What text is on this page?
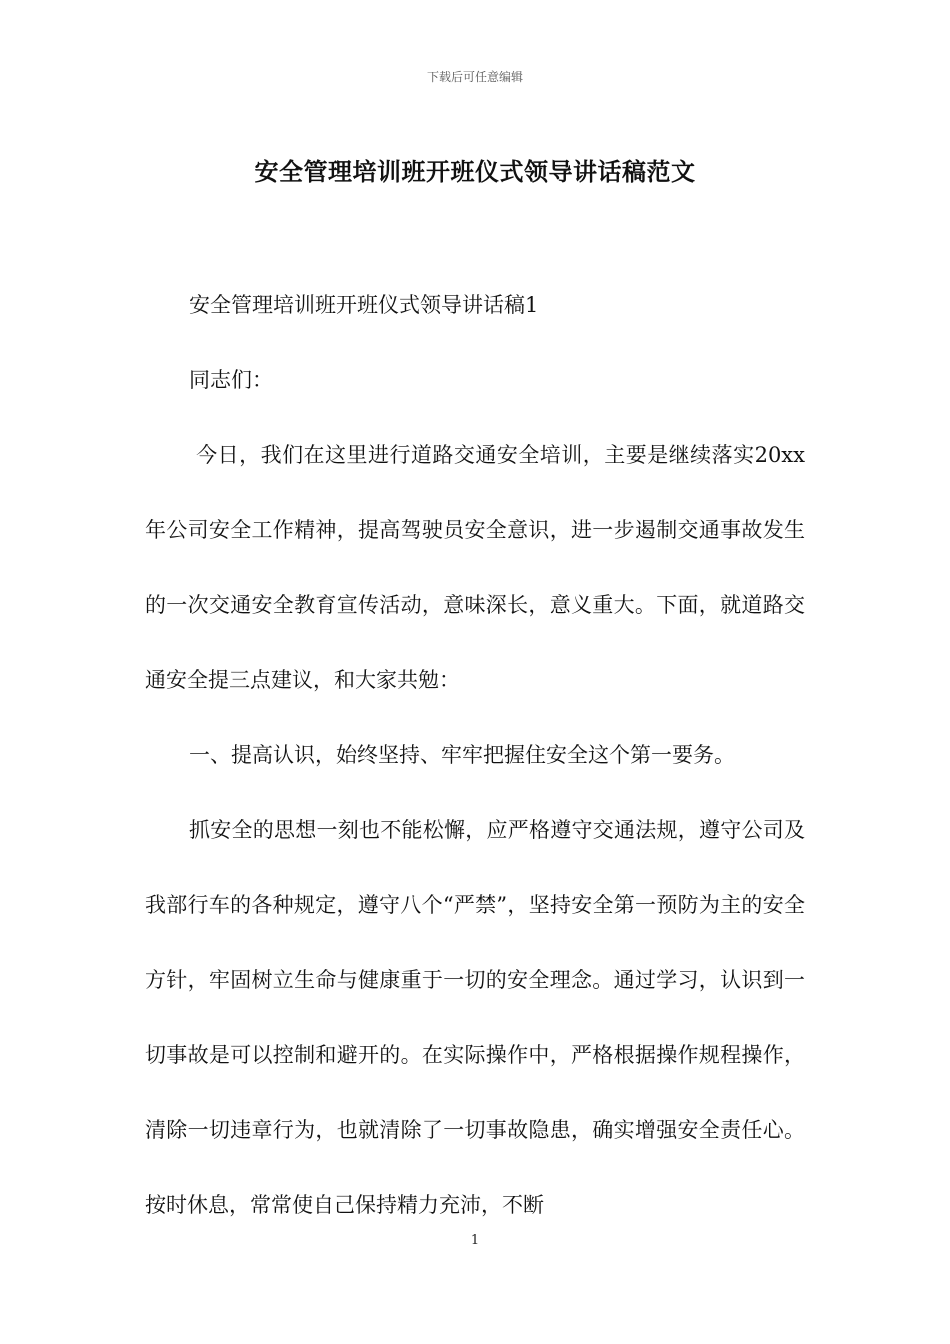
下载后可任意编辑
安全管理培训班开班仪式领导讲话稿范文

安全管理培训班开班仪式领导讲话稿1

同志们：

今日，我们在这里进行道路交通安全培训，主要是继续落实20xx年公司安全工作精神，提高驾驶员安全意识，进一步遏制交通事故发生的一次交通安全教育宣传活动，意味深长，意义重大。下面，就道路交通安全提三点建议，和大家共勉：

一、提高认识，始终坚持、牢牢把握住安全这个第一要务。

抓安全的思想一刻也不能松懈，应严格遵守交通法规，遵守公司及我部行车的各种规定，遵守八个“严禁”，坚持安全第一预防为主的安全方针，牢固树立生命与健康重于一切的安全理念。通过学习，认识到一切事故是可以控制和避开的。在实际操作中，严格根据操作规程操作，清除一切违章行为，也就清除了一切事故隐患，确实增强安全责任心。按时休息，常常使自己保持精力充沛，不断

1
